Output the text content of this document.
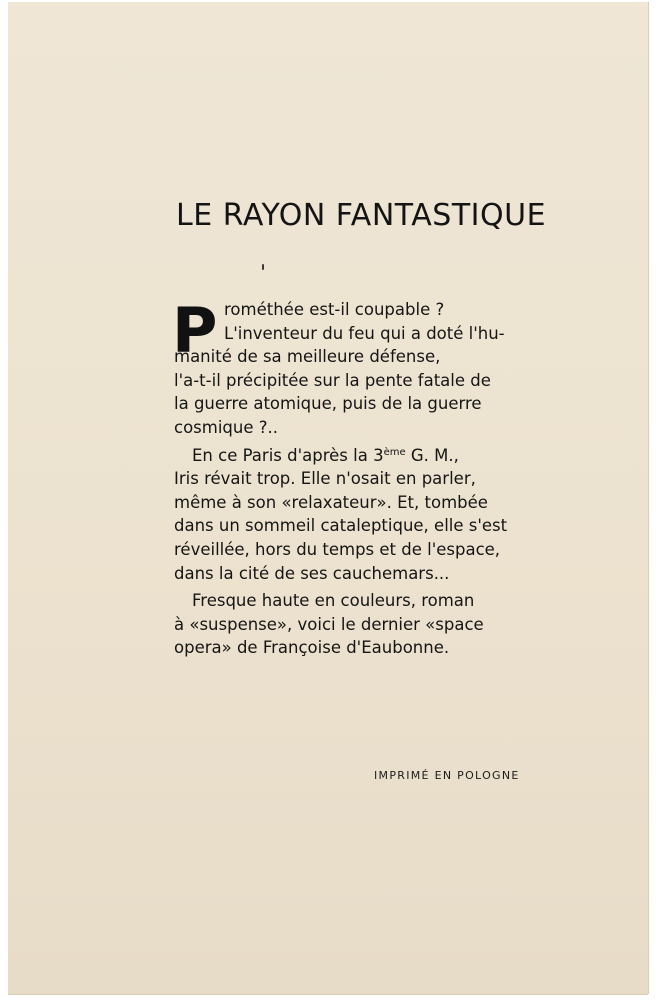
LE RAYON FANTASTIQUE
P rométhée est-il coupable ?
L'inventeur du feu qui a doté l'hu-
manité de sa meilleure défense,
l'a-t-il précipitée sur la pente fatale de
la guerre atomique, puis de la guerre
cosmique ?..
En ce Paris d'après la 3ème G. M.,
Iris révait trop. Elle n'osait en parler,
même à son «relaxateur». Et, tombée
dans un sommeil cataleptique, elle s'est
réveillée, hors du temps et de l'espace,
dans la cité de ses cauchemars...
Fresque haute en couleurs, roman
à «suspense», voici le dernier «space
opera» de Françoise d'Eaubonne.

IMPRIMÉ EN POLOGNE
